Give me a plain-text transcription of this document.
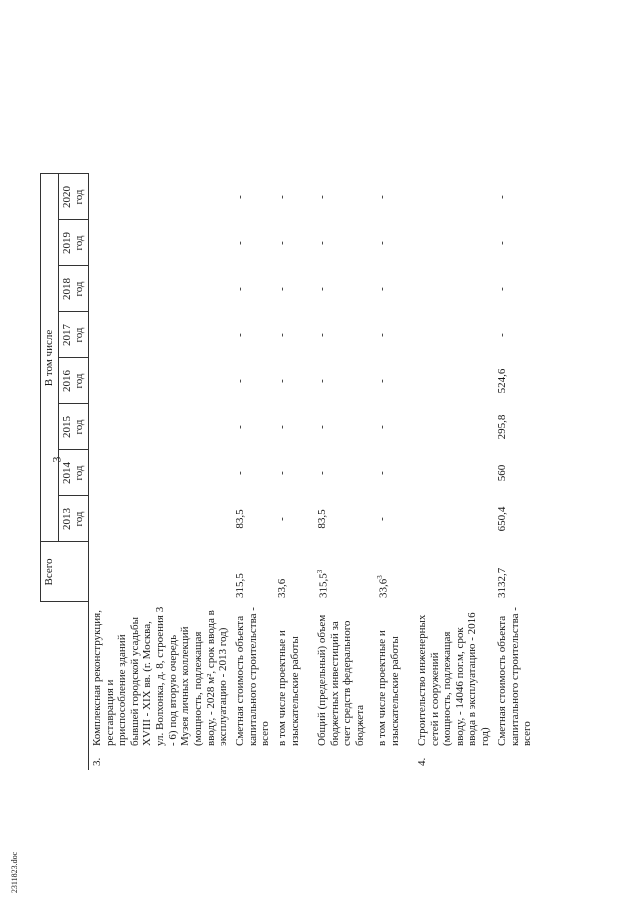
3
2311823.doc
		Всего	В том числе							
			2013 год	2014 год	2015 год	2016 год	2017 год	2018 год	2019 год	2020 год
3.	Комплексная реконструкция, реставрация и приспособление зданий бывшей городской усадьбы XVIII - XIX вв. (г. Москва, ул. Волхонка, д. 8, строения 3 - 6) под вторую очередь Музея личных коллекций (мощность, подлежащая вводу, - 2028 м², срок ввода в эксплуатацию - 2013 год)									
	Сметная стоимость объекта капитального строительства - всего	315,5	83,5	-	-	-	-	-	-	-
	в том числе проектные и изыскательские работы	33,6	-	-	-	-	-	-	-	-
	Общий (предельный) объем бюджетных инвестиций за счет средств федерального бюджета	315,5$^3$	83,5	-	-	-	-	-	-	-
	в том числе проектные и изыскательские работы	33,6$^3$	-	-	-	-	-	-	-	-
4.	Строительство инженерных сетей и сооружений (мощность, подлежащая вводу, - 14046 пог.м, срок ввода в эксплуатацию - 2016 год)									
	Сметная стоимость объекта капитального строительства - всего	3132,7	650,4	560	295,8	524,6	-	-	-	-
